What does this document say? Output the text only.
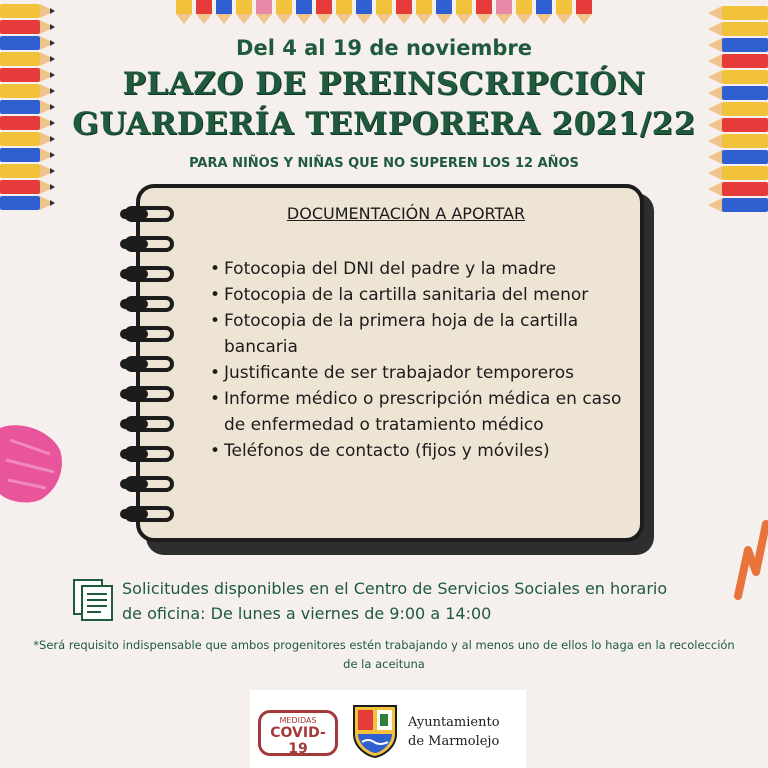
Del 4 al 19 de noviembre
PLAZO DE PREINSCRIPCIÓN
GUARDERÍA TEMPORERA 2021/22
PARA NIÑOS Y NIÑAS QUE NO SUPEREN LOS 12 AÑOS
DOCUMENTACIÓN A APORTAR
• Fotocopia del DNI del padre y la madre
• Fotocopia de la cartilla sanitaria del menor
• Fotocopia de la primera hoja de la cartilla bancaria
• Justificante de ser trabajador temporeros
• Informe médico o prescripción médica en caso de enfermedad o tratamiento médico
• Teléfonos de contacto (fijos y móviles)
Solicitudes disponibles en el Centro de Servicios Sociales en horario de oficina: De lunes a viernes de 9:00 a 14:00
*Será requisito indispensable que ambos progenitores estén trabajando y al menos uno de ellos lo haga en la recolección de la aceituna
MEDIDAS
COVID-19
Ayuntamiento
de Marmolejo
